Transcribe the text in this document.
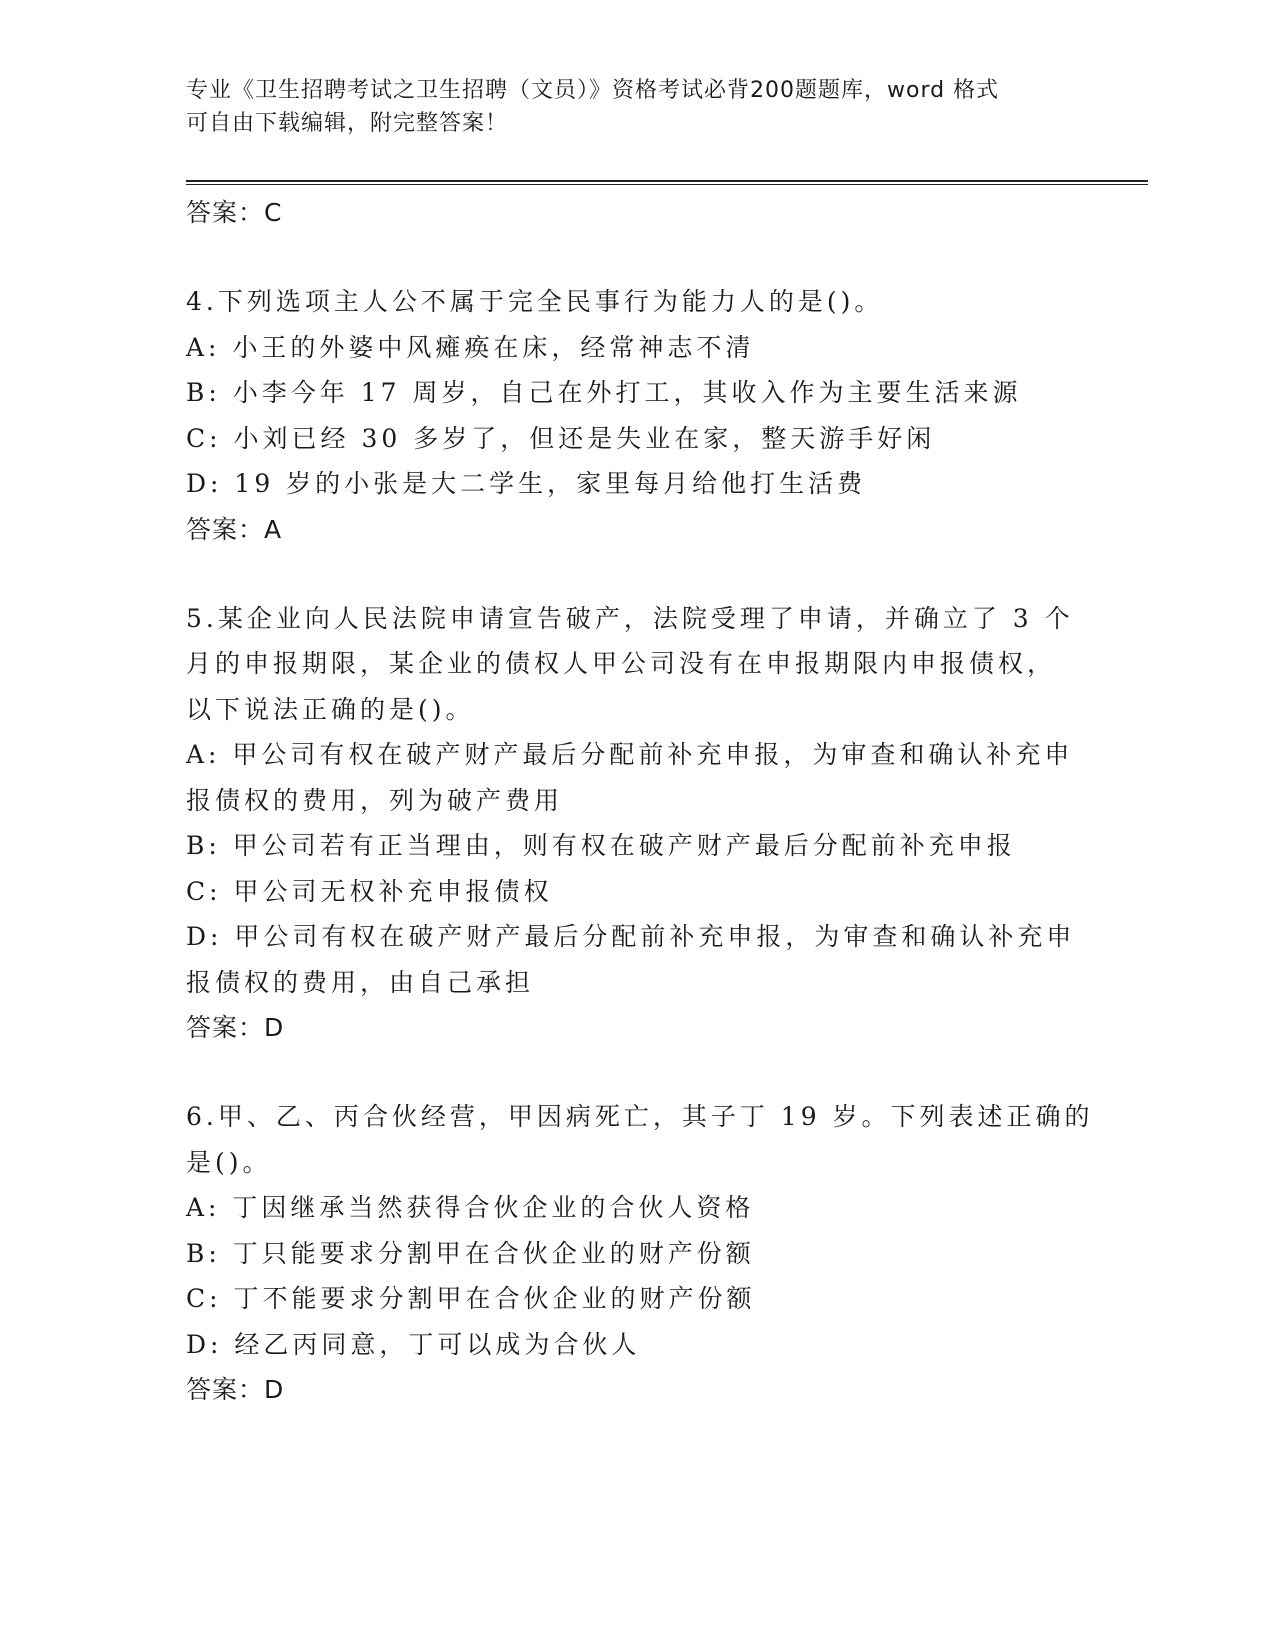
专业《卫生招聘考试之卫生招聘（文员）》资格考试必背200题题库，word 格式
可自由下载编辑，附完整答案！
答案：C
4.下列选项主人公不属于完全民事行为能力人的是()。
A: 小王的外婆中风瘫痪在床，经常神志不清
B: 小李今年 17 周岁，自己在外打工，其收入作为主要生活来源
C: 小刘已经 30 多岁了，但还是失业在家，整天游手好闲
D: 19 岁的小张是大二学生，家里每月给他打生活费
答案：A
5.某企业向人民法院申请宣告破产，法院受理了申请，并确立了 3 个
月的申报期限，某企业的债权人甲公司没有在申报期限内申报债权，
以下说法正确的是()。
A: 甲公司有权在破产财产最后分配前补充申报，为审查和确认补充申
报债权的费用，列为破产费用
B: 甲公司若有正当理由，则有权在破产财产最后分配前补充申报
C: 甲公司无权补充申报债权
D: 甲公司有权在破产财产最后分配前补充申报，为审查和确认补充申
报债权的费用，由自己承担
答案：D
6.甲、乙、丙合伙经营，甲因病死亡，其子丁 19 岁。下列表述正确的
是()。
A: 丁因继承当然获得合伙企业的合伙人资格
B: 丁只能要求分割甲在合伙企业的财产份额
C: 丁不能要求分割甲在合伙企业的财产份额
D: 经乙丙同意，丁可以成为合伙人
答案：D
